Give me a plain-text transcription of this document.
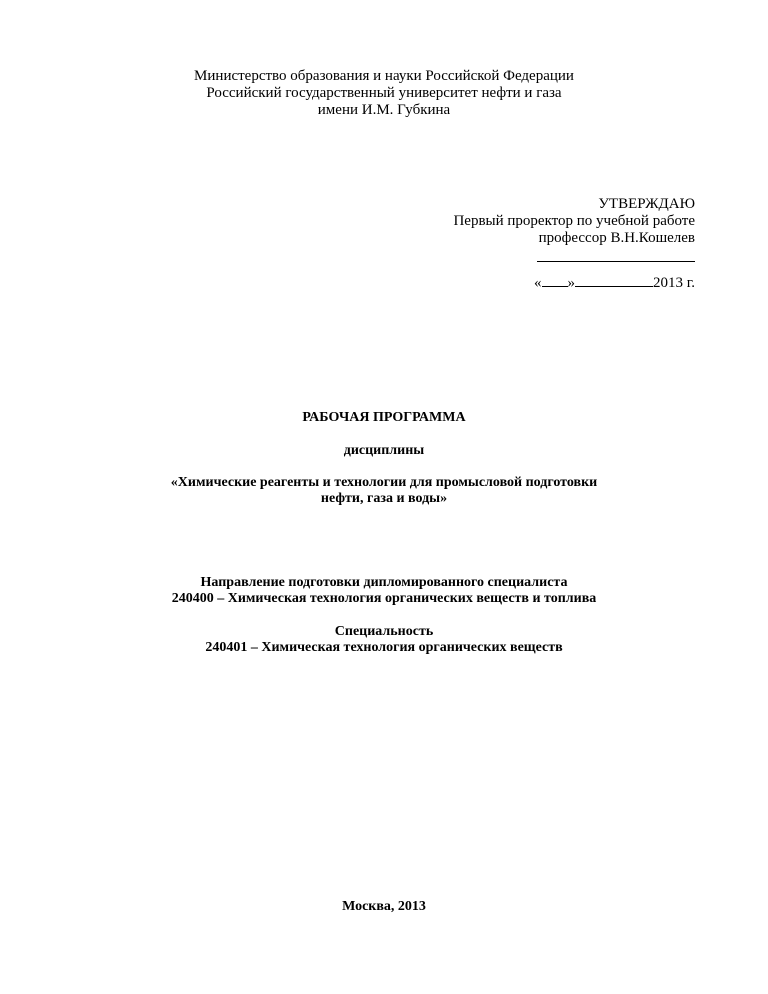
Министерство образования и науки Российской Федерации
Российский государственный университет нефти и газа
имени И.М. Губкина
УТВЕРЖДАЮ
Первый проректор по учебной работе
профессор В.Н.Кошелев
« »	2013 г.
РАБОЧАЯ ПРОГРАММА
дисциплины
«Химические реагенты и технологии для промысловой подготовки
нефти, газа и воды»
Направление подготовки дипломированного специалиста
240400 – Химическая технология органических веществ и топлива
Специальность
240401 – Химическая технология органических веществ
Москва, 2013
